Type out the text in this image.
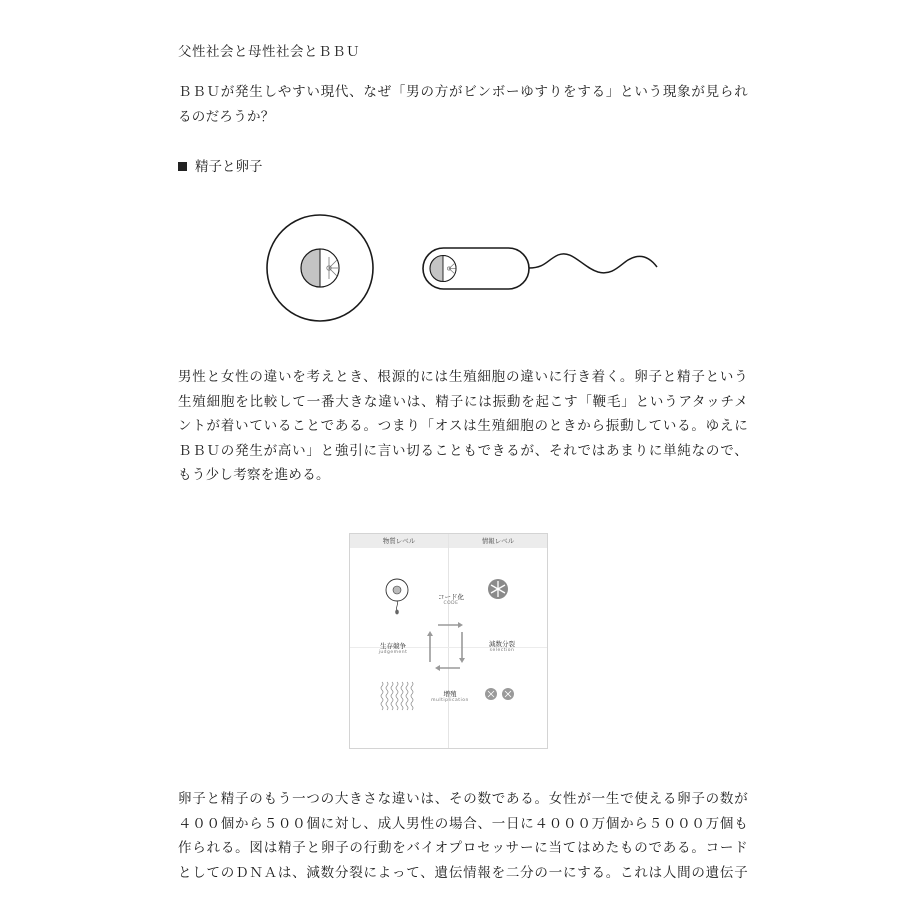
父性社会と母性社会とＢＢＵ
ＢＢＵが発生しやすい現代、なぜ「男の方がビンボーゆすりをする」という現象が見られ
るのだろうか？
精子と卵子
男性と女性の違いを考えとき、根源的には生殖細胞の違いに行き着く。卵子と精子という
生殖細胞を比較して一番大きな違いは、精子には振動を起こす「鞭毛」というアタッチメ
ントが着いていることである。つまり「オスは生殖細胞のときから振動している。ゆえに
ＢＢＵの発生が高い」と強引に言い切ることもできるが、それではあまりに単純なので、
もう少し考察を進める。
物質レベル	情報レベル
コード化
CODE
減数分裂
selection
生存競争
judgement
増殖
multiplication
卵子と精子のもう一つの大きさな違いは、その数である。女性が一生で使える卵子の数が
４００個から５００個に対し、成人男性の場合、一日に４０００万個から５０００万個も
作られる。図は精子と卵子の行動をバイオプロセッサーに当てはめたものである。コード
としてのＤＮＡは、減数分裂によって、遺伝情報を二分の一にする。これは人間の遺伝子
